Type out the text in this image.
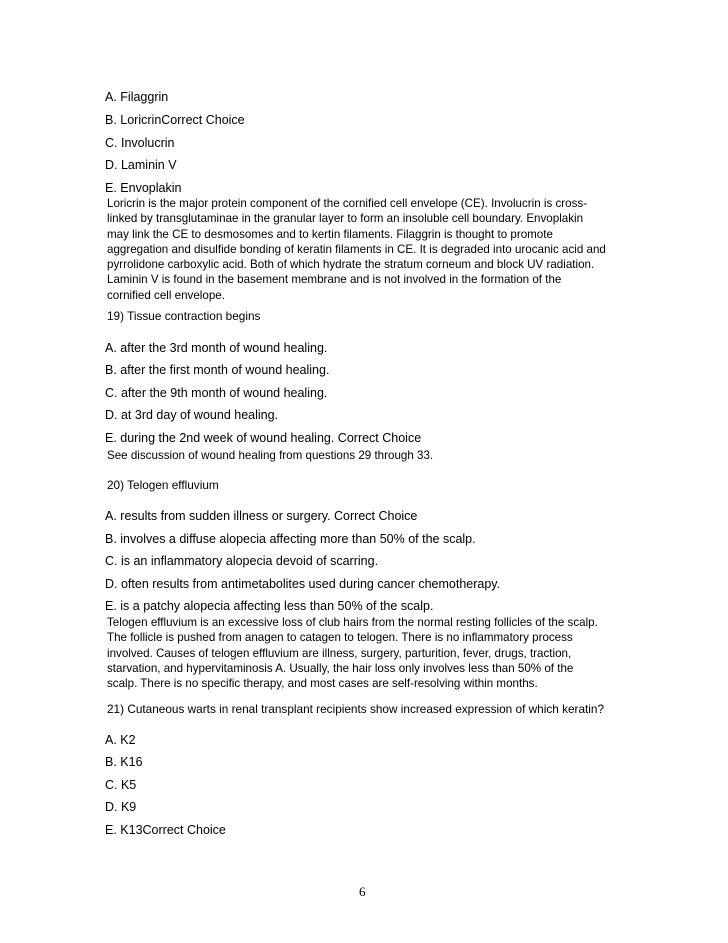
A. Filaggrin
B. LoricrinCorrect Choice
C. Involucrin
D. Laminin V
E. Envoplakin

Loricrin is the major protein component of the cornified cell envelope (CE). Involucrin is cross-

linked by transglutaminae in the granular layer to form an insoluble cell boundary. Envoplakin

may link the CE to desmosomes and to kertin filaments. Filaggrin is thought to promote

aggregation and disulfide bonding of keratin filaments in CE. It is degraded into urocanic acid and

pyrrolidone carboxylic acid. Both of which hydrate the stratum corneum and block UV radiation.

Laminin V is found in the basement membrane and is not involved in the formation of the

cornified cell envelope.

19) Tissue contraction begins
A. after the 3rd month of wound healing.
B. after the first month of wound healing.
C. after the 9th month of wound healing.
D. at 3rd day of wound healing.
E. during the 2nd week of wound healing. Correct Choice

See discussion of wound healing from questions 29 through 33.

20) Telogen effluvium
A. results from sudden illness or surgery. Correct Choice
B. involves a diffuse alopecia affecting more than 50% of the scalp.
C. is an inflammatory alopecia devoid of scarring.
D. often results from antimetabolites used during cancer chemotherapy.
E. is a patchy alopecia affecting less than 50% of the scalp.

Telogen effluvium is an excessive loss of club hairs from the normal resting follicles of the scalp.

The follicle is pushed from anagen to catagen to telogen. There is no inflammatory process

involved. Causes of telogen effluvium are illness, surgery, parturition, fever, drugs, traction,

starvation, and hypervitaminosis A. Usually, the hair loss only involves less than 50% of the

scalp. There is no specific therapy, and most cases are self-resolving within months.

21) Cutaneous warts in renal transplant recipients show increased expression of which keratin?
A. K2
B. K16
C. K5
D. K9
E. K13Correct Choice
6
